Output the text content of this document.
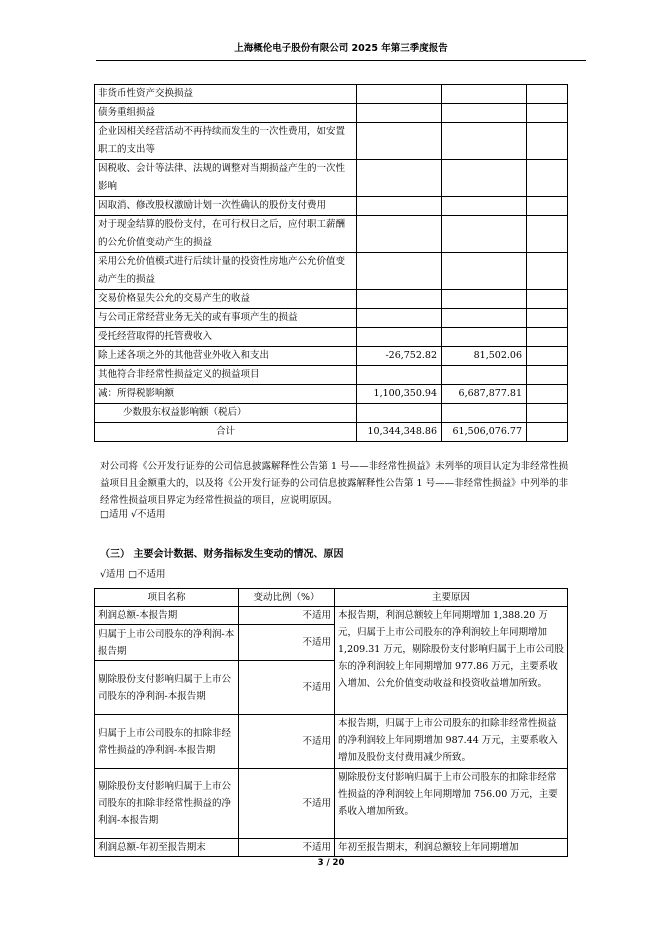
上海概伦电子股份有限公司 2025 年第三季度报告
非货币性资产交换损益			
债务重组损益			
企业因相关经营活动不再持续而发生的一次性费用，如安置职工的支出等			
因税收、会计等法律、法规的调整对当期损益产生的一次性影响			
因取消、修改股权激励计划一次性确认的股份支付费用			
对于现金结算的股份支付，在可行权日之后，应付职工薪酬的公允价值变动产生的损益			
采用公允价值模式进行后续计量的投资性房地产公允价值变动产生的损益			
交易价格显失公允的交易产生的收益			
与公司正常经营业务无关的或有事项产生的损益			
受托经营取得的托管费收入			
除上述各项之外的其他营业外收入和支出	-26,752.82	81,502.06	
其他符合非经常性损益定义的损益项目			
减：所得税影响额	1,100,350.94	6,687,877.81	
少数股东权益影响额（税后）			
合计	10,344,348.86	61,506,076.77	
对公司将《公开发行证券的公司信息披露解释性公告第 1 号——非经常性损益》未列举的项目认定为非经常性损益项目且金额重大的，以及将《公开发行证券的公司信息披露解释性公告第 1 号——非经常性损益》中列举的非经常性损益项目界定为经常性损益的项目，应说明原因。
□适用 √不适用
（三） 主要会计数据、财务指标发生变动的情况、原因
√适用 □不适用
项目名称	变动比例（%）	主要原因
利润总额-本报告期	不适用	本报告期，利润总额较上年同期增加 1,388.20 万元，归属于上市公司股东的净利润较上年同期增加 1,209.31 万元，剔除股份支付影响归属于上市公司股东的净利润较上年同期增加 977.86 万元，主要系收入增加、公允价值变动收益和投资收益增加所致。
归属于上市公司股东的净利润-本报告期	不适用	
剔除股份支付影响归属于上市公司股东的净利润-本报告期	不适用	
归属于上市公司股东的扣除非经常性损益的净利润-本报告期	不适用	本报告期，归属于上市公司股东的扣除非经常性损益的净利润较上年同期增加 987.44 万元，主要系收入增加及股份支付费用减少所致。
剔除股份支付影响归属于上市公司股东的扣除非经常性损益的净利润-本报告期	不适用	剔除股份支付影响归属于上市公司股东的扣除非经常性损益的净利润较上年同期增加 756.00 万元，主要系收入增加所致。
利润总额-年初至报告期末	不适用	年初至报告期末，利润总额较上年同期增加
3 / 20
